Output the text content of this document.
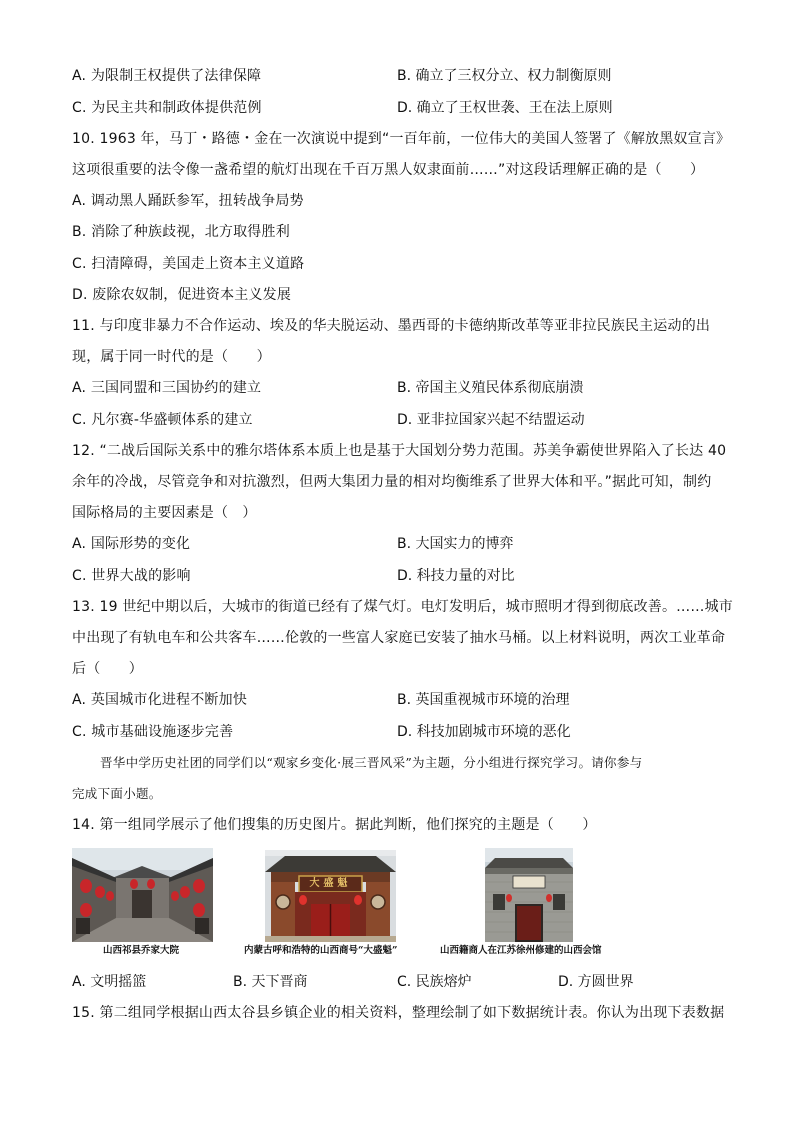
A. 为限制王权提供了法律保障	B. 确立了三权分立、权力制衡原则
C. 为民主共和制政体提供范例	D. 确立了王权世袭、王在法上原则
10. 1963 年，马丁・路德・金在一次演说中提到“一百年前，一位伟大的美国人签署了《解放黑奴宣言》
这项很重要的法令像一盏希望的航灯出现在千百万黑人奴隶面前……”对这段话理解正确的是（　　）
A. 调动黑人踊跃参军，扭转战争局势
B. 消除了种族歧视，北方取得胜利
C. 扫清障碍，美国走上资本主义道路
D. 废除农奴制，促进资本主义发展
11. 与印度非暴力不合作运动、埃及的华夫脱运动、墨西哥的卡德纳斯改革等亚非拉民族民主运动的出
现，属于同一时代的是（　　）
A. 三国同盟和三国协约的建立	B. 帝国主义殖民体系彻底崩溃
C. 凡尔赛-华盛顿体系的建立	D. 亚非拉国家兴起不结盟运动
12. “二战后国际关系中的雅尔塔体系本质上也是基于大国划分势力范围。苏美争霸使世界陷入了长达 40
余年的冷战，尽管竞争和对抗激烈，但两大集团力量的相对均衡维系了世界大体和平。”据此可知，制约
国际格局的主要因素是（　）
A. 国际形势的变化	B. 大国实力的博弈
C. 世界大战的影响	D. 科技力量的对比
13. 19 世纪中期以后，大城市的街道已经有了煤气灯。电灯发明后，城市照明才得到彻底改善。……城市
中出现了有轨电车和公共客车……伦敦的一些富人家庭已安装了抽水马桶。以上材料说明，两次工业革命
后（　　）
A. 英国城市化进程不断加快	B. 英国重视城市环境的治理
C. 城市基础设施逐步完善	D. 科技加剧城市环境的恶化
晋华中学历史社团的同学们以“观家乡变化·展三晋风采”为主题，分小组进行探究学习。请你参与
完成下面小题。
14. 第一组同学展示了他们搜集的历史图片。据此判断，他们探究的主题是（　　）
山西祁县乔家大院
大盛魁
内蒙古呼和浩特的山西商号“大盛魁”	山西籍商人在江苏徐州修建的山西会馆
A. 文明摇篮	B. 天下晋商	C. 民族熔炉	D. 方圆世界
15. 第二组同学根据山西太谷县乡镇企业的相关资料，整理绘制了如下数据统计表。你认为出现下表数据
